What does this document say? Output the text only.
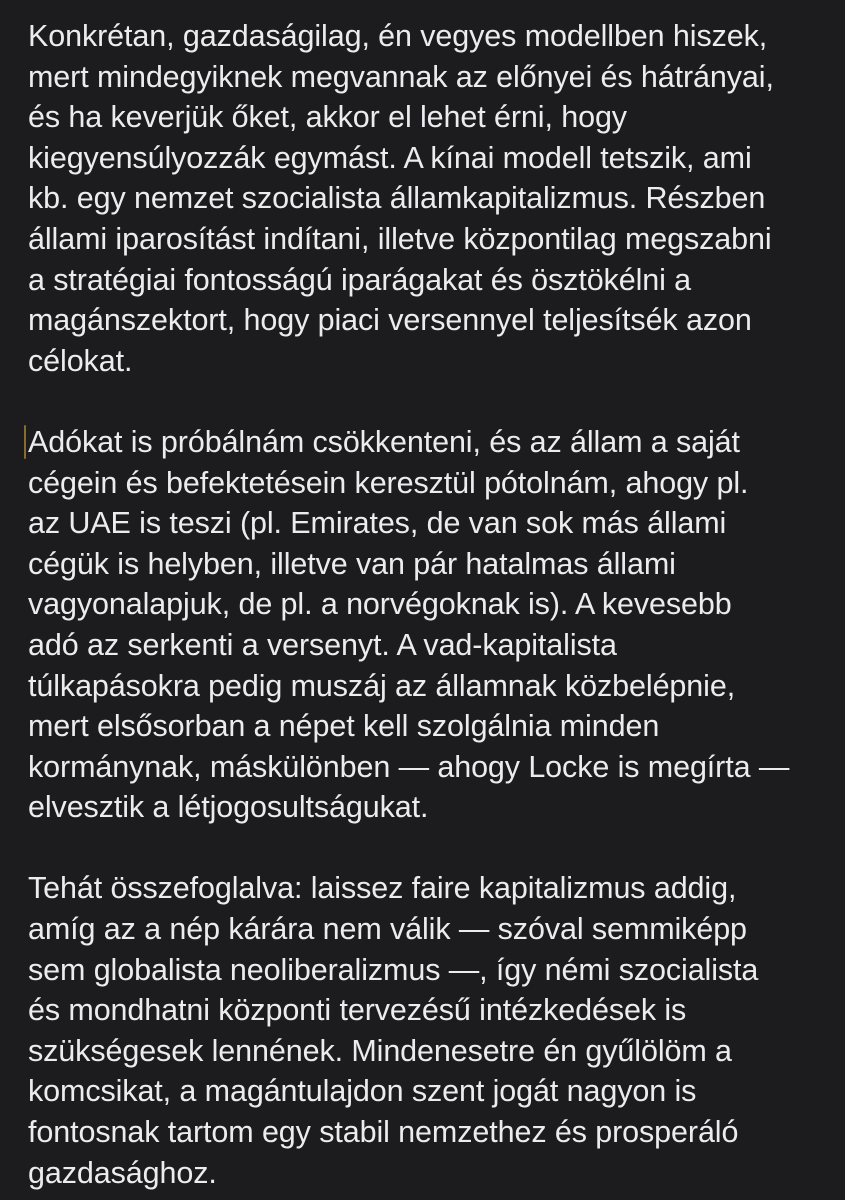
Konkrétan, gazdaságilag, én vegyes modellben hiszek,
mert mindegyiknek megvannak az előnyei és hátrányai,
és ha keverjük őket, akkor el lehet érni, hogy
kiegyensúlyozzák egymást. A kínai modell tetszik, ami
kb. egy nemzet szocialista államkapitalizmus. Részben
állami iparosítást indítani, illetve központilag megszabni
a stratégiai fontosságú iparágakat és ösztökélni a
magánszektort, hogy piaci versennyel teljesítsék azon
célokat.

Adókat is próbálnám csökkenteni, és az állam a saját
cégein és befektetésein keresztül pótolnám, ahogy pl.
az UAE is teszi (pl. Emirates, de van sok más állami
cégük is helyben, illetve van pár hatalmas állami
vagyonalapjuk, de pl. a norvégoknak is). A kevesebb
adó az serkenti a versenyt. A vad-kapitalista
túlkapásokra pedig muszáj az államnak közbelépnie,
mert elsősorban a népet kell szolgálnia minden
kormánynak, máskülönben — ahogy Locke is megírta —
elvesztik a létjogosultságukat.

Tehát összefoglalva: laissez faire kapitalizmus addig,
amíg az a nép kárára nem válik — szóval semmiképp
sem globalista neoliberalizmus —, így némi szocialista
és mondhatni központi tervezésű intézkedések is
szükségesek lennének. Mindenesetre én gyűlölöm a
komcsikat, a magántulajdon szent jogát nagyon is
fontosnak tartom egy stabil nemzethez és prosperáló
gazdasághoz.
